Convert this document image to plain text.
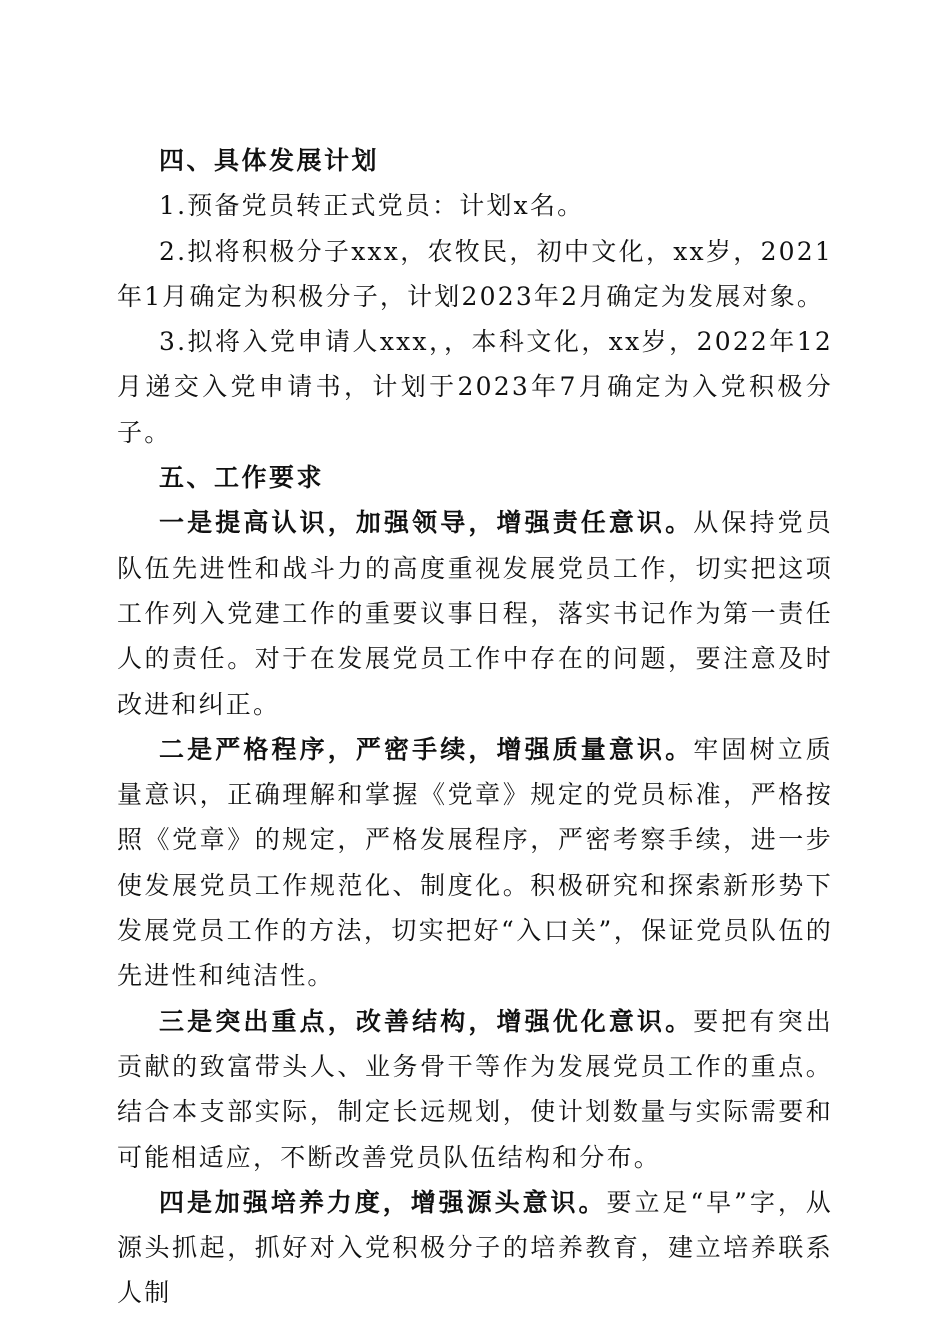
四、具体发展计划

1.预备党员转正式党员：计划x名。

2.拟将积极分子xxx，农牧民，初中文化，xx岁，2021年1月确定为积极分子，计划2023年2月确定为发展对象。

3.拟将入党申请人xxx，，本科文化，xx岁，2022年12月递交入党申请书，计划于2023年7月确定为入党积极分子。

五、工作要求

一是提高认识，加强领导，增强责任意识。从保持党员队伍先进性和战斗力的高度重视发展党员工作，切实把这项工作列入党建工作的重要议事日程，落实书记作为第一责任人的责任。对于在发展党员工作中存在的问题，要注意及时改进和纠正。

二是严格程序，严密手续，增强质量意识。牢固树立质量意识，正确理解和掌握《党章》规定的党员标准，严格按照《党章》的规定，严格发展程序，严密考察手续，进一步使发展党员工作规范化、制度化。积极研究和探索新形势下发展党员工作的方法，切实把好“入口关”，保证党员队伍的先进性和纯洁性。

三是突出重点，改善结构，增强优化意识。要把有突出贡献的致富带头人、业务骨干等作为发展党员工作的重点。结合本支部实际，制定长远规划，使计划数量与实际需要和可能相适应，不断改善党员队伍结构和分布。

四是加强培养力度，增强源头意识。要立足“早”字，从源头抓起，抓好对入党积极分子的培养教育，建立培养联系人制
